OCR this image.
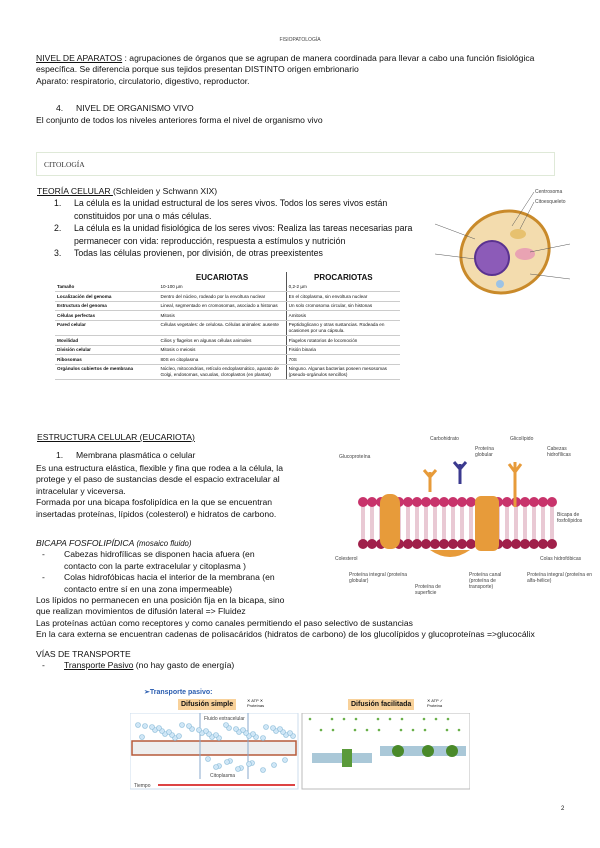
FISIOPATOLOGÍA
NIVEL DE APARATOS : agrupaciones de órganos que se agrupan de manera coordinada para llevar a cabo una función fisiológica específica. Se diferencia porque sus tejidos presentan DISTINTO origen embrionario
Aparato: respiratorio, circulatorio, digestivo, reproductor.
4. NIVEL DE ORGANISMO VIVO
El conjunto de todos los niveles anteriores forma el nivel de organismo vivo
CITOLOGÍA
TEORÍA CELULAR (Schleiden y Schwann XIX)
1. La célula es la unidad estructural de los seres vivos. Todos los seres vivos están constituidos por una o más células.
2. La célula es la unidad fisiológica de los seres vivos: Realiza las tareas necesarias para permanecer con vida: reproducción, respuesta a estímulos y nutrición
3. Todas las células provienen, por división, de otras preexistentes
	EUCARIOTAS	PROCARIOTAS
Tamaño	10-100 µm	0,2-2 µm
Localización del genoma	Dentro del núcleo, rodeado por la envoltura nuclear	En el citoplasma, sin envoltura nuclear
Estructura del genoma	Lineal, segmentado en cromosomas, asociado a histonas	Un solo cromosoma circular, sin histonas
Células perfectas	Mitosis	Amitosis
Pared celular	Células vegetales: de celulosa. Células animales: ausente	Peptidoglicano y otras sustancias. Rodeada en ocasiones por una cápsula.
Movilidad	Cilios y flagelos en algunas células animales	Flagelos rotatorios de locomoción
División celular	Mitosis o meiosis	Fisión binaria
Ribosomas	80S en citoplasma	70S
Orgánulos cubiertos de membrana	Núcleo, mitocondrias, retículo endoplasmático, aparato de Golgi, endosomas, vacuolas, cloroplastos (en plantas)	Ninguno. Algunas bacterias poseen mesosomas (pseudo-orgánulos sencillos)
Centrosoma
Citoesqueleto
ESTRUCTURA CELULAR (EUCARIOTA)
1. Membrana plasmática o celular
Es una estructura elástica, flexible y fina que rodea a la célula, la protege y el paso de sustancias desde el espacio extracelular al intracelular y viceversa.
Formada por una bicapa fosfolipídica en la que se encuentran insertadas proteínas, lípidos (colesterol) e hidratos de carbono.
Carbohidrato	Glicolípido
Glucoproteína
Proteína globular
Cabezas hidrofílicas
Bicapa de fosfolípidos
Colas hidrofóbicas
Colesterol
Proteína integral (proteína globular)
Proteína de superficie
Proteína canal (proteína de transporte)
Proteína integral (proteína en alfa-hélice)
BICAPA FOSFOLIPÍDICA (mosaico fluido)
- Cabezas hidrofílicas se disponen hacia afuera (en contacto con la parte extracelular y citoplasma )
- Colas hidrofóbicas hacia el interior de la membrana (en contacto entre sí en una zona impermeable)
Los lípidos no permanecen en una posición fija en la bicapa, sino que realizan movimientos de difusión lateral => Fluidez
Las proteínas actúan como receptores y como canales permitiendo el paso selectivo de sustancias
En la cara externa se encuentran cadenas de polisacáridos (hidratos de carbono) de los glucolípidos y glucoproteínas =>glucocálix
VÍAS DE TRANSPORTE
- Transporte Pasivo (no hay gasto de energía)
➢Transporte pasivo:
Difusión simple
✕ ATP ✕ Proteínas	Difusión facilitada
✕ ATP ✓ Proteína
Tiempo
Fluido extracelular
Citoplasma
2
